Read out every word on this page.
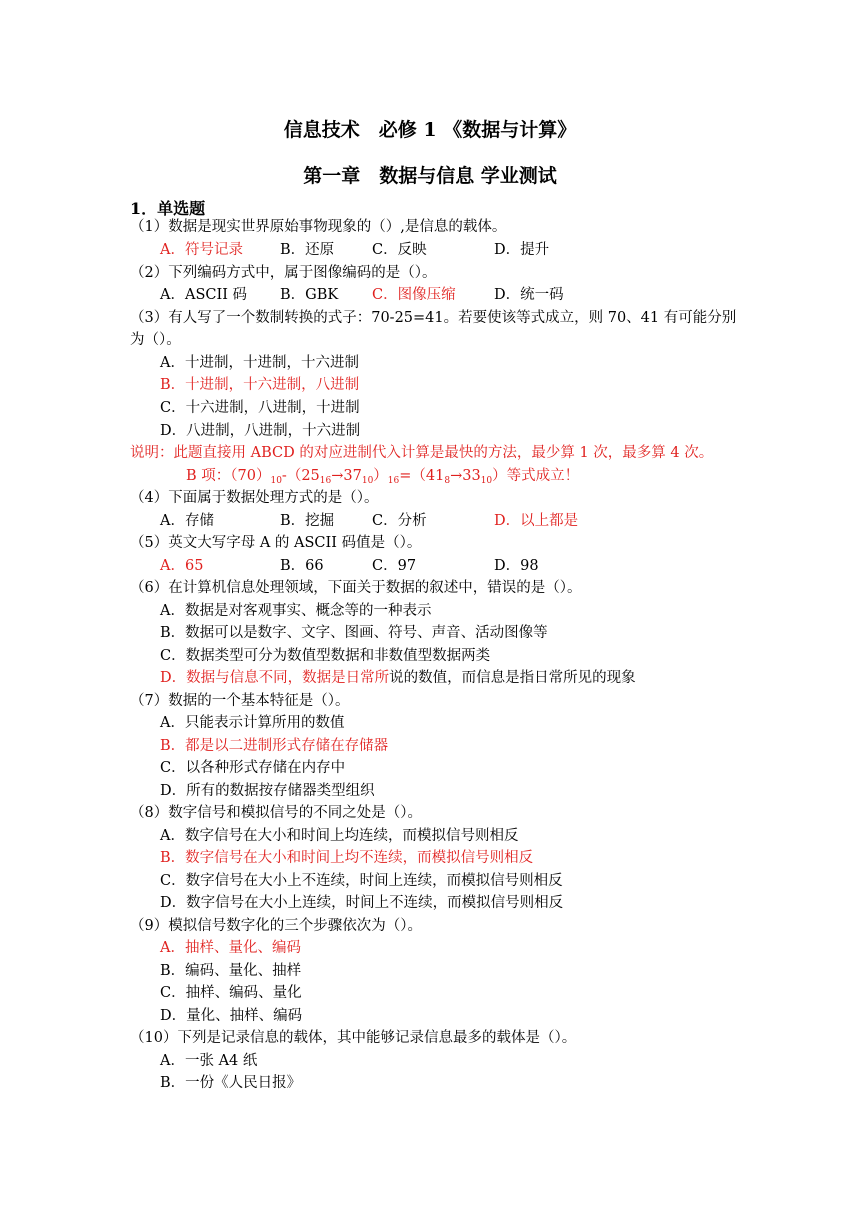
信息技术　必修 1 《数据与计算》
第一章　数据与信息 学业测试
1．单选题
（1）数据是现实世界原始事物现象的（）,是信息的载体。

A．符号记录

	B．还原

	C．反映

	D．提升

（2）下列编码方式中，属于图像编码的是（）。

A．ASCII 码

B．GBK

C．图像压缩

	D．统一码

（3）有人写了一个数制转换的式子：70-25=41。若要使该等式成立，则 70、41 有可能分别
为（）。
A．十进制，十进制，十六进制
B．十进制，十六进制，八进制
C．十六进制，八进制，十进制
D．八进制，八进制，十六进制
说明：此题直接用 ABCD 的对应进制代入计算是最快的方法，最少算 1 次，最多算 4 次。
B 项：$(70)_{10}-(25_{16}\to 37_{10})_{16}=(41_8\to 33_{10})$等式成立！
（4）下面属于数据处理方式的是（）。

A．存储

	B．挖掘

	C．分析

	D．以上都是

（5）英文大写字母 A 的 ASCII 码值是（）。

A．65

	B．66

	C．97

	D．98

（6）在计算机信息处理领域，下面关于数据的叙述中，错误的是（）。
A．数据是对客观事实、概念等的一种表示
B．数据可以是数字、文字、图画、符号、声音、活动图像等
C．数据类型可分为数值型数据和非数值型数据两类
D．数据与信息不同，数据是日常所说的数值，而信息是指日常所见的现象
（7）数据的一个基本特征是（）。
A．只能表示计算所用的数值
B．都是以二进制形式存储在存储器
C．以各种形式存储在内存中
D．所有的数据按存储器类型组织
（8）数字信号和模拟信号的不同之处是（）。
A．数字信号在大小和时间上均连续，而模拟信号则相反
B．数字信号在大小和时间上均不连续，而模拟信号则相反
C．数字信号在大小上不连续，时间上连续，而模拟信号则相反
D．数字信号在大小上连续，时间上不连续，而模拟信号则相反
（9）模拟信号数字化的三个步骤依次为（）。
A．抽样、量化、编码
B．编码、量化、抽样
C．抽样、编码、量化
D．量化、抽样、编码
（10）下列是记录信息的载体，其中能够记录信息最多的载体是（）。
A．一张 A4 纸
B．一份《人民日报》
